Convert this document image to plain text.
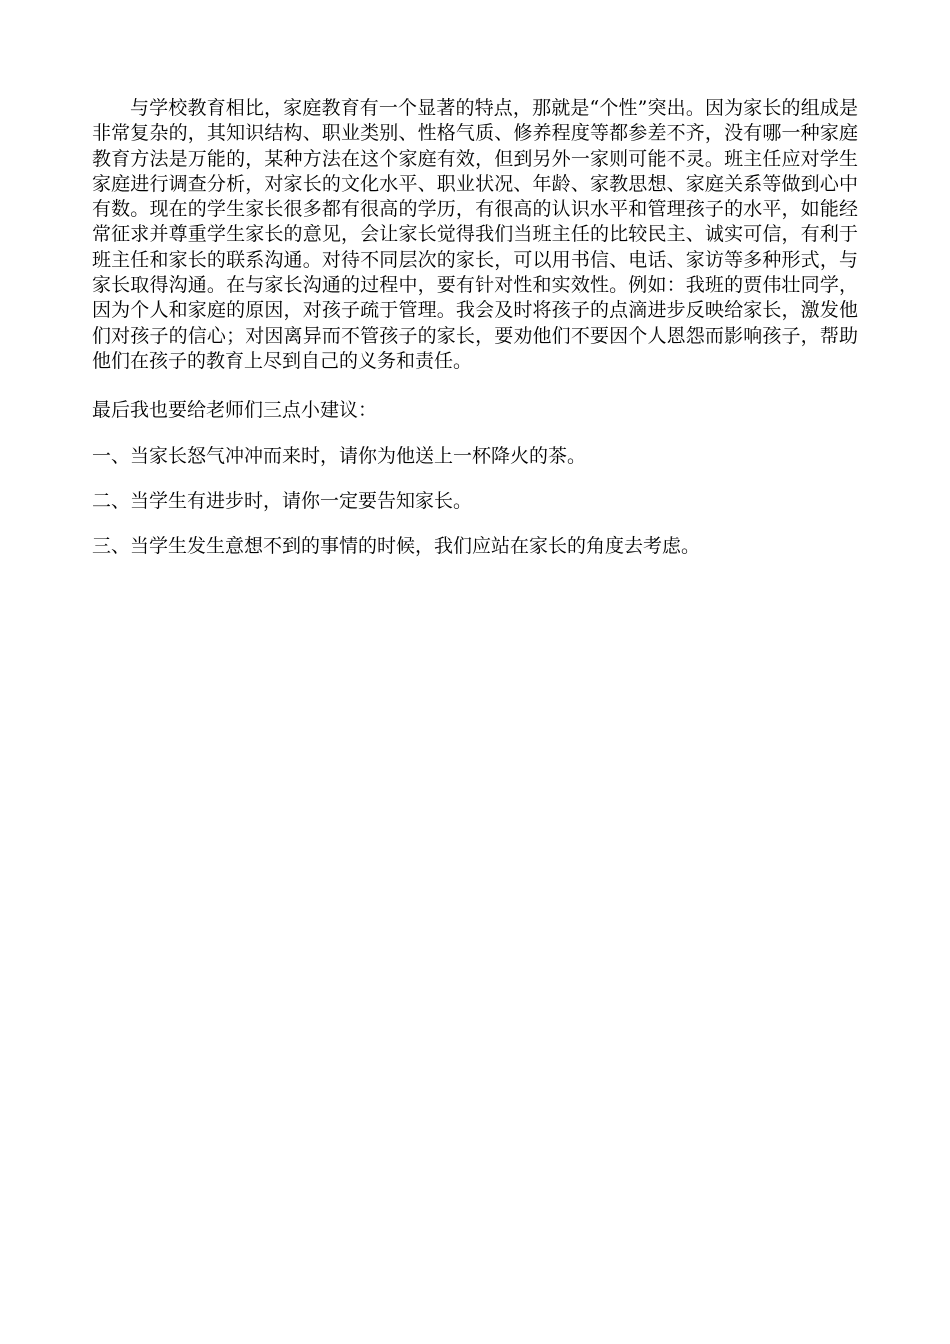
与学校教育相比，家庭教育有一个显著的特点，那就是“个性”突出。因为家长的组成是非常复杂的，其知识结构、职业类别、性格气质、修养程度等都参差不齐，没有哪一种家庭教育方法是万能的，某种方法在这个家庭有效，但到另外一家则可能不灵。班主任应对学生家庭进行调查分析，对家长的文化水平、职业状况、年龄、家教思想、家庭关系等做到心中有数。现在的学生家长很多都有很高的学历，有很高的认识水平和管理孩子的水平，如能经常征求并尊重学生家长的意见，会让家长觉得我们当班主任的比较民主、诚实可信，有利于班主任和家长的联系沟通。对待不同层次的家长，可以用书信、电话、家访等多种形式，与家长取得沟通。在与家长沟通的过程中，要有针对性和实效性。例如：我班的贾伟壮同学，因为个人和家庭的原因，对孩子疏于管理。我会及时将孩子的点滴进步反映给家长，激发他们对孩子的信心；对因离异而不管孩子的家长，要劝他们不要因个人恩怨而影响孩子，帮助他们在孩子的教育上尽到自己的义务和责任。

最后我也要给老师们三点小建议：

一、当家长怒气冲冲而来时，请你为他送上一杯降火的茶。

二、当学生有进步时，请你一定要告知家长。

三、当学生发生意想不到的事情的时候，我们应站在家长的角度去考虑。
